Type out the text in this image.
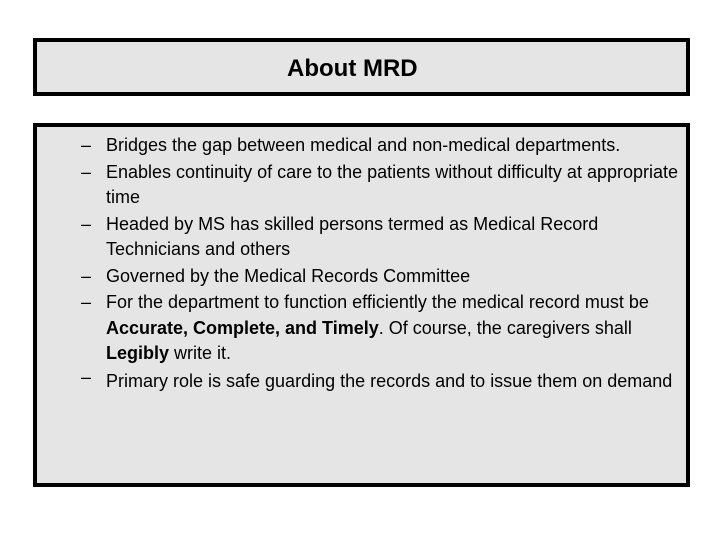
About MRD
– Bridges the gap between medical and non-medical departments.
– Enables continuity of care to the patients without difficulty at appropriate time
– Headed by MS has skilled persons termed as Medical Record Technicians and others
– Governed by the Medical Records Committee
– For the department to function efficiently the medical record must be Accurate, Complete, and Timely. Of course, the caregivers shall Legibly write it.
– Primary role is safe guarding the records and to issue them on demand
